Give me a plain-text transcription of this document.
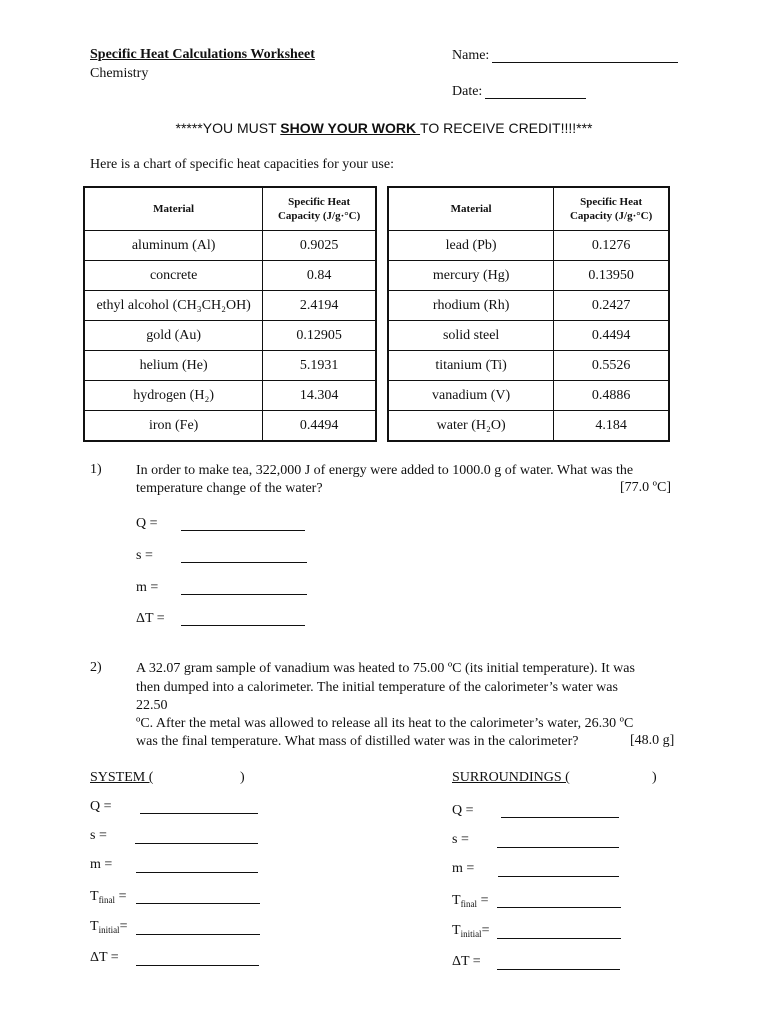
Specific Heat Calculations Worksheet
Chemistry
Name:
Date:
*****YOU MUST SHOW YOUR WORK TO RECEIVE CREDIT!!!!***
Here is a chart of specific heat capacities for your use:
Material	Specific Heat
Capacity (J/g·°C)
aluminum (Al)	0.9025
concrete	0.84
ethyl alcohol (CH₃CH₂OH)	2.4194
gold (Au)	0.12905
helium (He)	5.1931
hydrogen (H₂)	14.304
iron (Fe)	0.4494
Material	Specific Heat
Capacity (J/g·°C)
lead (Pb)	0.1276
mercury (Hg)	0.13950
rhodium (Rh)	0.2427
solid steel	0.4494
titanium (Ti)	0.5526
vanadium (V)	0.4886
water (H₂O)	4.184
1) In order to make tea, 322,000 J of energy were added to 1000.0 g of water. What was the
temperature change of the water?	[77.0 ºC]
Q =
s =
m =
ΔT =
2) A 32.07 gram sample of vanadium was heated to 75.00 ºC (its initial temperature). It was
then dumped into a calorimeter. The initial temperature of the calorimeter’s water was
22.50
ºC. After the metal was allowed to release all its heat to the calorimeter’s water, 26.30 ºC
was the final temperature. What mass of distilled water was in the calorimeter?	[48.0 g]
SYSTEM (	)
Q =
s =
m =
$T_{final}$ =
$T_{initial}=$
ΔT =
SURROUNDINGS (	)
Q =
s =
m =
$T_{final}$ =
$T_{initial}=$
ΔT =
